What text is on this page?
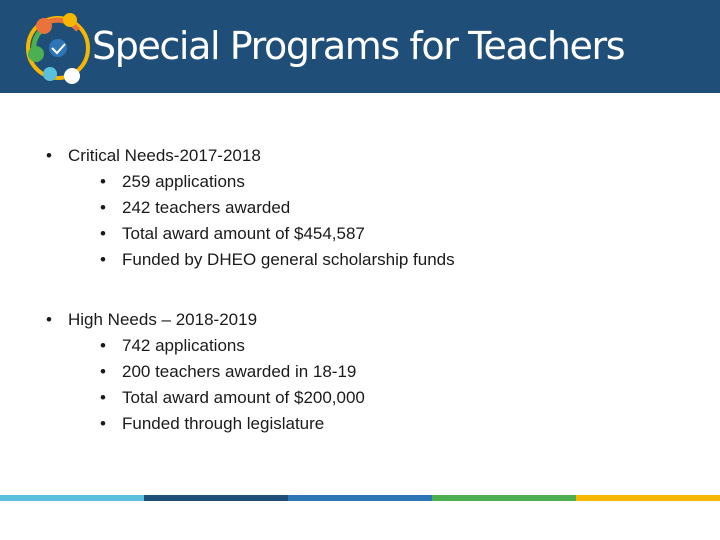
Special Programs for Teachers
• Critical Needs-2017-2018
• 259 applications
• 242 teachers awarded
• Total award amount of $454,587
• Funded by DHEO general scholarship funds
• High Needs – 2018-2019
• 742 applications
• 200 teachers awarded in 18-19
• Total award amount of $200,000
• Funded through legislature
